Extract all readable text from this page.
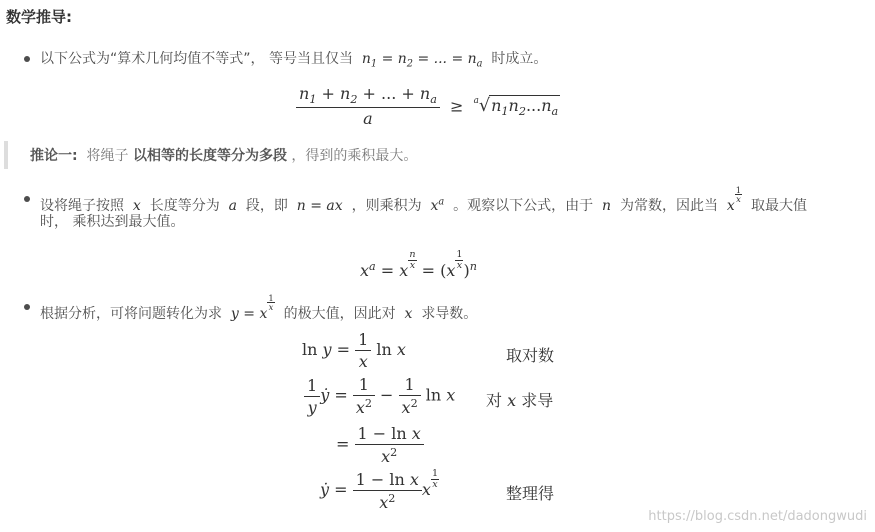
数学推导:
以下公式为“算术几何均值不等式”， 等号当且仅当  $n_1 = n_2$ = ... = $n_a$ 时成立。
$\frac{n_1 + n_2 + ... + n_a}{a} \ge ^a√n_1n_2...n_a$
推论一: 将绳子 以相等的长度等分为多段 ，得到的乘积最大。
设将绳子按照  x  长度等分为  a  段，即  n = ax  ，则乘积为  $x^a$ 。观察以下公式，由于  n  为常数，因此当  x
$\frac{1}{x}$
取最大值
时， 乘积达到最大值。
$x^a = x$
$\frac{n}{x}$
= (x
$\frac{1}{x}$
)$^n$
根据分析，可将问题转化为求  y = x
$\frac{1}{x}$
的极大值，因此对  x  求导数。
$\ln y = \frac{1}{x}$ ln x	取对数
$\frac{1}{y}$ ẏ = $\frac{1}{x^2} - \frac{1}{x^2}$ ln x 对 x 求导
= $\frac{\text{1 − ln x}}{x^2}$
ẏ = $\frac{\text{1 − ln x}}{x^2}$ x
$\frac{1}{x}$
整理得
https://blog.csdn.net/dadongwudi
